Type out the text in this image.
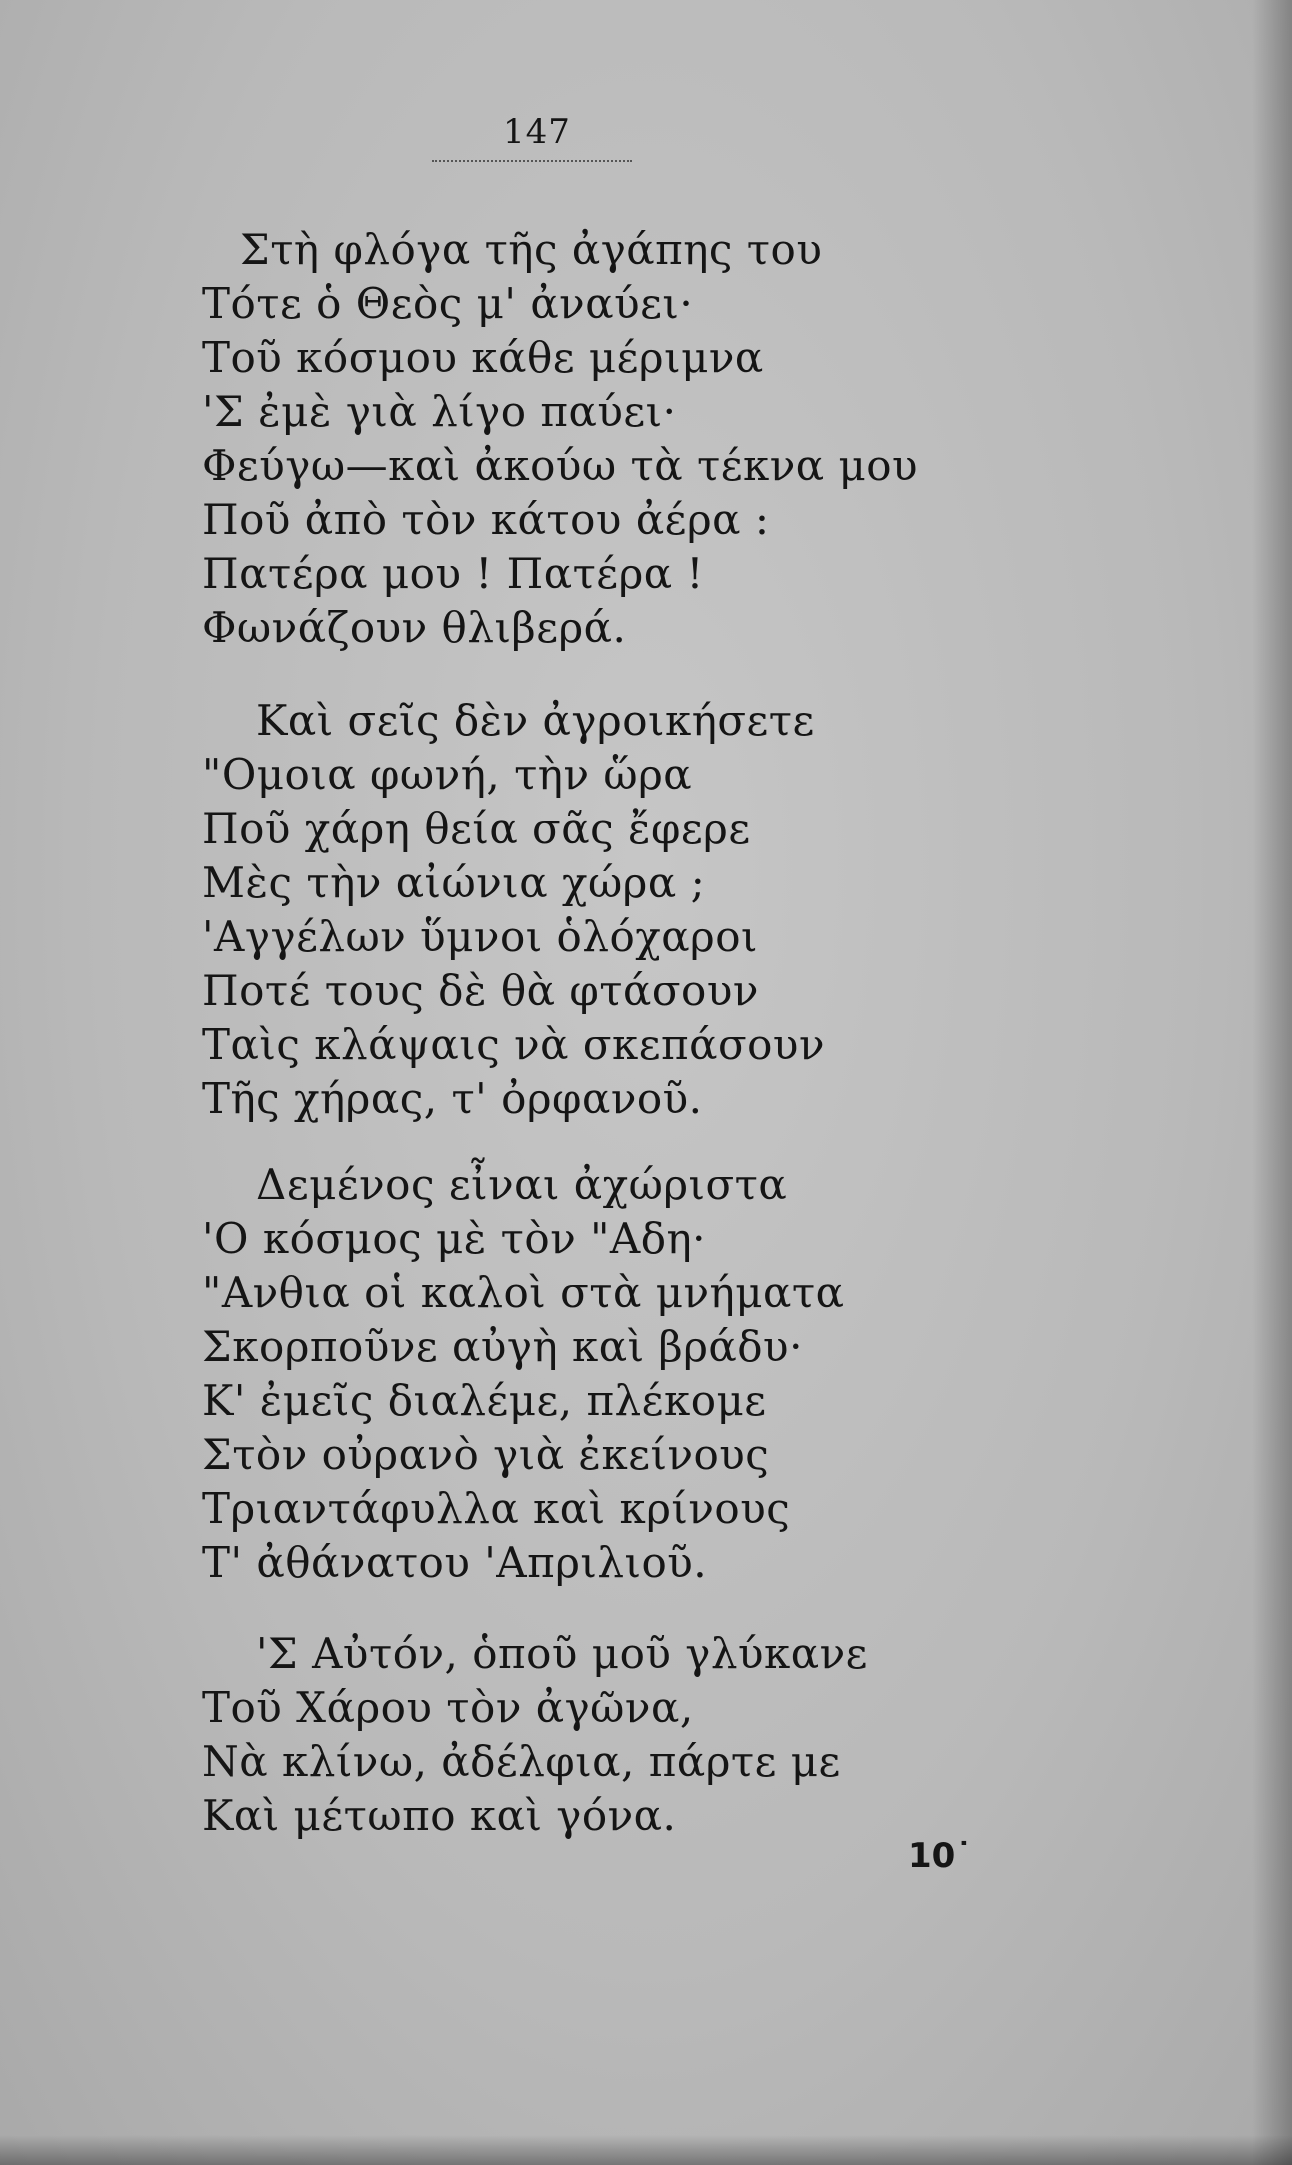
147
Στὴ φλόγα τῆς ἀγάπης του
Τότε ὁ Θεὸς μ' ἀναύει·
Τοῦ κόσμου κάθε μέριμνα
'Σ ἐμὲ γιὰ λίγο παύει·
Φεύγω—καὶ ἀκούω τὰ τέκνα μου
Ποῦ ἀπὸ τὸν κάτου ἀέρα :
Πατέρα μου ! Πατέρα !
Φωνάζουν θλιβερά.
Καὶ σεῖς δὲν ἀγροικήσετε
"Ομοια φωνή, τὴν ὥρα
Ποῦ χάρη θεία σᾶς ἔφερε
Μὲς τὴν αἰώνια χώρα ;
'Αγγέλων ὕμνοι ὁλόχαροι
Ποτέ τους δὲ θὰ φτάσουν
Ταὶς κλάψαις νὰ σκεπάσουν
Τῆς χήρας, τ' ὀρφανοῦ.
Δεμένος εἶναι ἀχώριστα
'Ο κόσμος μὲ τὸν "Αδη·
"Ανθια οἱ καλοὶ στὰ μνήματα
Σκορποῦνε αὐγὴ καὶ βράδυ·
Κ' ἐμεῖς διαλέμε, πλέκομε
Στὸν οὐρανὸ γιὰ ἐκείνους
Τριαντάφυλλα καὶ κρίνους
Τ' ἀθάνατου 'Απριλιοῦ.
'Σ Αὐτόν, ὁποῦ μοῦ γλύκανε
Τοῦ Χάρου τὸν ἀγῶνα,
Νὰ κλίνω, ἀδέλφια, πάρτε με
Καὶ μέτωπο καὶ γόνα.
10˙
